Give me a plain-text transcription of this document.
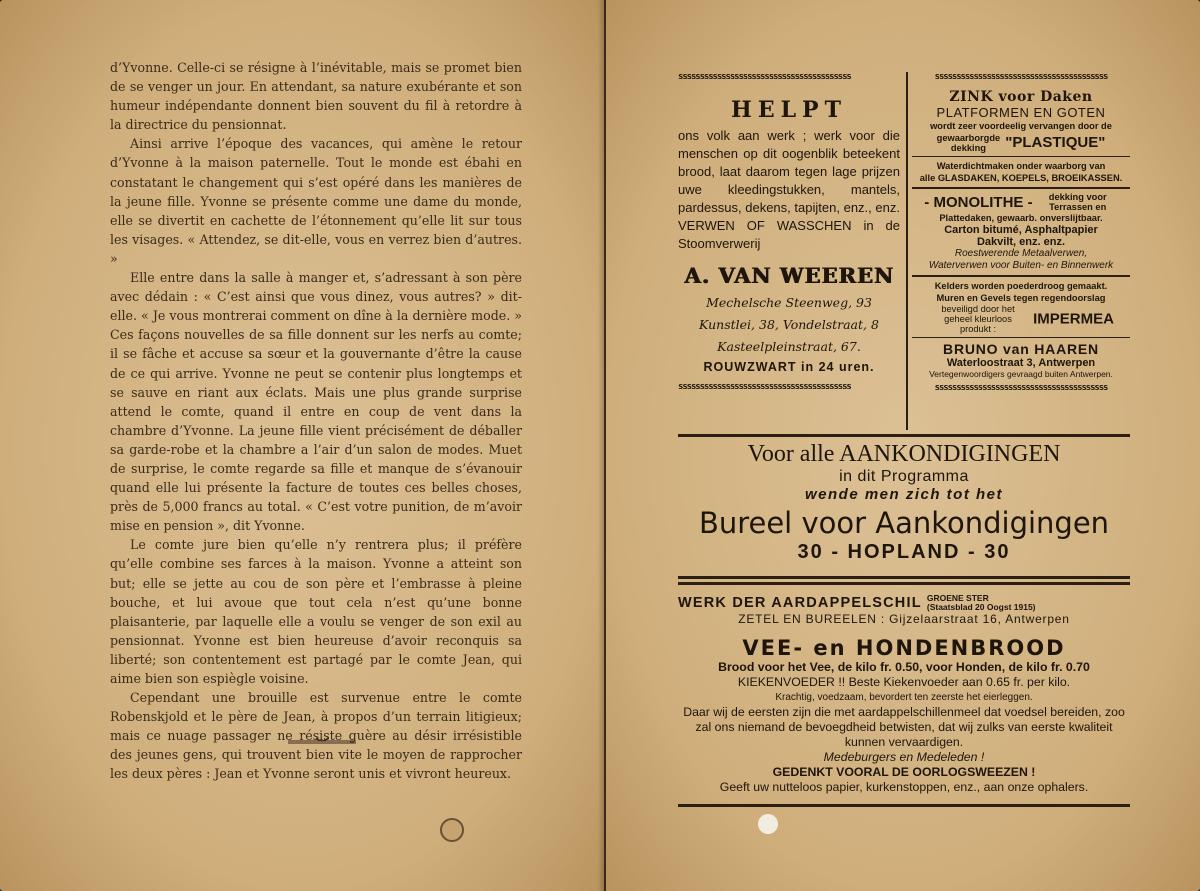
d’Yvonne. Celle-ci se résigne à l’inévitable, mais se promet bien de se venger un jour. En attendant, sa nature exubérante et son humeur indépendante donnent bien souvent du fil à retordre à la directrice du pensionnat.

Ainsi arrive l’époque des vacances, qui amène le retour d’Yvonne à la maison paternelle. Tout le monde est ébahi en constatant le changement qui s’est opéré dans les manières de la jeune fille. Yvonne se présente comme une dame du monde, elle se divertit en cachette de l’étonnement qu’elle lit sur tous les visages. « Attendez, se dit-elle, vous en verrez bien d’autres. »

Elle entre dans la salle à manger et, s’adressant à son père avec dédain : « C’est ainsi que vous dinez, vous autres? » dit-elle. « Je vous montrerai comment on dîne à la dernière mode. » Ces façons nouvelles de sa fille donnent sur les nerfs au comte; il se fâche et accuse sa sœur et la gouvernante d’être la cause de ce qui arrive. Yvonne ne peut se contenir plus longtemps et se sauve en riant aux éclats. Mais une plus grande surprise attend le comte, quand il entre en coup de vent dans la chambre d’Yvonne. La jeune fille vient précisément de déballer sa garde-robe et la chambre a l’air d’un salon de modes. Muet de surprise, le comte regarde sa fille et manque de s’évanouir quand elle lui présente la facture de toutes ces belles choses, près de 5,000 francs au total. « C’est votre punition, de m’avoir mise en pension », dit Yvonne.

Le comte jure bien qu’elle n’y rentrera plus; il préfère qu’elle combine ses farces à la maison. Yvonne a atteint son but; elle se jette au cou de son père et l’embrasse à pleine bouche, et lui avoue que tout cela n’est qu’une bonne plaisanterie, par laquelle elle a voulu se venger de son exil au pensionnat. Yvonne est bien heureuse d’avoir reconquis sa liberté; son contentement est partagé par le comte Jean, qui aime bien son espiègle voisine.

Cependant une brouille est survenue entre le comte Robenskjold et le père de Jean, à propos d’un terrain litigieux; mais ce nuage passager ne résiste guère au désir irrésistible des jeunes gens, qui trouvent bien vite le moyen de rapprocher les deux pères : Jean et Yvonne seront unis et vivront heureux.

ssssssssssssssssssssssssssssssssssssssss
HELPT
ons volk aan werk ; werk voor die menschen op dit oogenblik beteekent brood, laat daarom tegen lage prijzen uwe kleedingstukken, mantels, pardessus, dekens, tapijten, enz., enz. VERWEN OF WASSCHEN in de Stoomverwerij
A. VAN WEEREN
Mechelsche Steenweg, 93
Kunstlei, 38, Vondelstraat, 8
Kasteelpleinstraat, 67.
ROUWZWART in 24 uren.
ssssssssssssssssssssssssssssssssssssssss
ssssssssssssssssssssssssssssssssssssssss
ZINK voor Daken
PLATFORMEN EN GOTEN
wordt zeer voordeelig vervangen door de
gewaarborgde
dekking "PLASTIQUE"
Waterdichtmaken onder waarborg van
alle GLASDAKEN, KOEPELS, BROEIKASSEN.
- MONOLITHE - dekking voor Terrassen en
Plattedaken, gewaarb. onverslijtbaar.
Carton bitumé, Asphaltpapier
Dakvilt, enz. enz.
Roestwerende Metaalverwen,
Waterverwen voor Buiten- en Binnenwerk
Kelders worden poederdroog gemaakt.
Muren en Gevels tegen regendoorslag
beveiligd door het geheel kleurloos produkt : IMPERMEA
BRUNO van HAAREN
Waterloostraat 3, Antwerpen
Vertegenwoordigers gevraagd buiten Antwerpen.
ssssssssssssssssssssssssssssssssssssssss
Voor alle AANKONDIGINGEN
in dit Programma
wende men zich tot het
Bureel voor Aankondigingen
30 - HOPLAND - 30
WERK DER AARDAPPELSCHIL GROENE STER
(Staatsblad 20 Oogst 1915)
ZETEL EN BUREELEN : Gijzelaarstraat 16, Antwerpen
VEE- en HONDENBROOD
Brood voor het Vee, de kilo fr. 0.50, voor Honden, de kilo fr. 0.70
KIEKENVOEDER !! Beste Kiekenvoeder aan 0.65 fr. per kilo.
Krachtig, voedzaam, bevordert ten zeerste het eierleggen.
Daar wij de eersten zijn die met aardappelschillenmeel dat voedsel bereiden, zoo zal ons niemand de bevoegdheid betwisten, dat wij zulks van eerste kwaliteit kunnen vervaardigen.
Medeburgers en Medeleden !
GEDENKT VOORAL DE OORLOGSWEEZEN !
Geeft uw nutteloos papier, kurkenstoppen, enz., aan onze ophalers.
